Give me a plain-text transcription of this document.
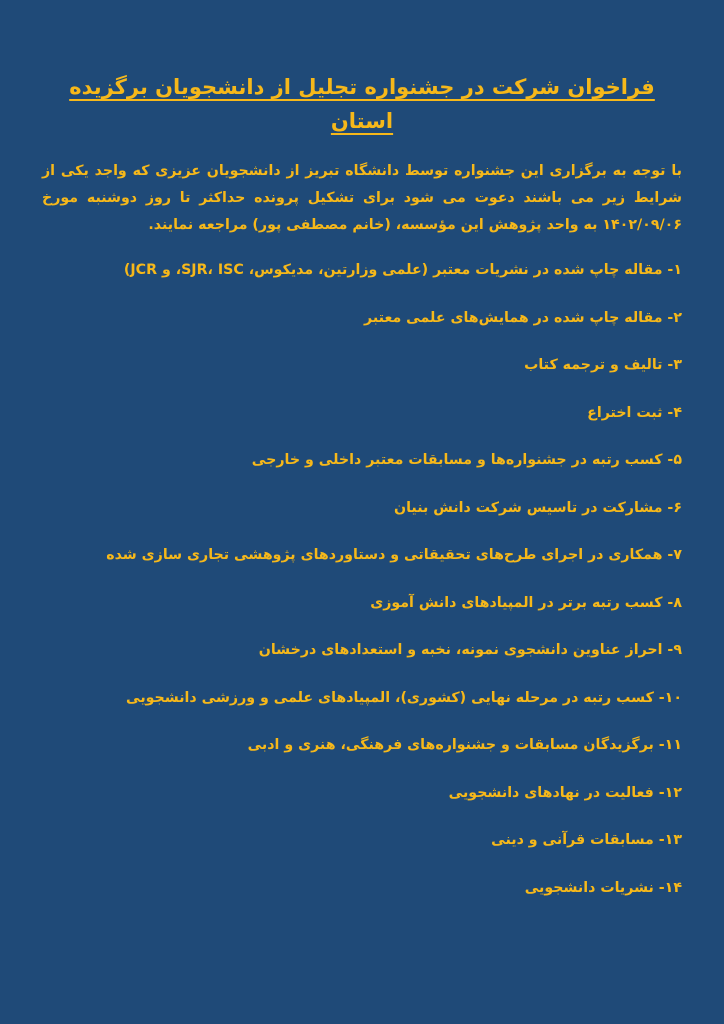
فراخوان شرکت در جشنواره تجلیل از دانشجویان برگزیده استان

با توجه به برگزاری این جشنواره توسط دانشگاه تبریز از دانشجویان عزیزی که واجد یکی از شرایط زیر می باشند دعوت می شود برای تشکیل پرونده حداکثر تا روز دوشنبه مورخ ۱۴۰۲/۰۹/۰۶ به واحد پژوهش این مؤسسه، (خانم مصطفی پور) مراجعه نمایند.

۱- مقاله چاپ شده در نشریات معتبر (علمی وزارتین، مدیکوس، SJR، ISC، و JCR)
۲- مقاله چاپ شده در همایش‌های علمی معتبر
۳- تالیف و ترجمه کتاب
۴- ثبت اختراع
۵- کسب رتبه در جشنواره‌ها و مسابقات معتبر داخلی و خارجی
۶- مشارکت در تاسیس شرکت دانش بنیان
۷- همکاری در اجرای طرح‌های تحقیقاتی و دستاوردهای پژوهشی تجاری سازی شده
۸- کسب رتبه برتر در المپیادهای دانش آموزی
۹- احراز عناوین دانشجوی نمونه، نخبه و استعدادهای درخشان
۱۰- کسب رتبه در مرحله نهایی (کشوری)، المپیادهای علمی و ورزشی دانشجویی
۱۱- برگزیدگان مسابقات و جشنواره‌های فرهنگی، هنری و ادبی
۱۲- فعالیت در نهادهای دانشجویی
۱۳- مسابقات قرآنی و دینی
۱۴- نشریات دانشجویی
